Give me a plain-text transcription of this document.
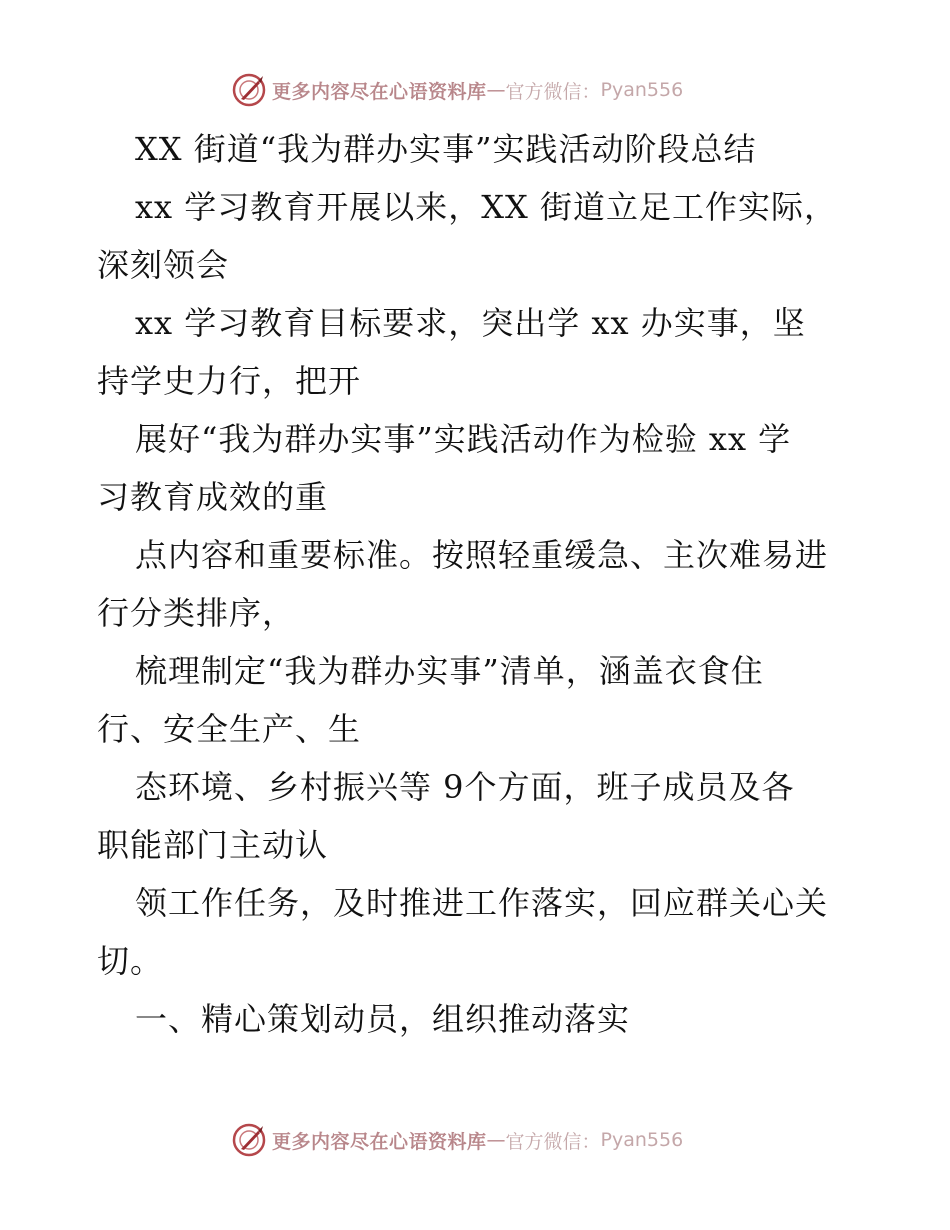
更多内容尽在心语资料库 — 官方微信： Pyan556
XX 街道“我为群办实事”实践活动阶段总结
xx 学习教育开展以来，XX 街道立足工作实际，
深刻领会
xx 学习教育目标要求，突出学 xx 办实事，坚
持学史力行，把开
展好“我为群办实事”实践活动作为检验 xx 学
习教育成效的重
点内容和重要标准。按照轻重缓急、主次难易进
行分类排序，
梳理制定“我为群办实事”清单，涵盖衣食住
行、安全生产、生
态环境、乡村振兴等 9个方面，班子成员及各
职能部门主动认
领工作任务，及时推进工作落实，回应群关心关
切。
一、精心策划动员，组织推动落实
更多内容尽在心语资料库 — 官方微信： Pyan556
